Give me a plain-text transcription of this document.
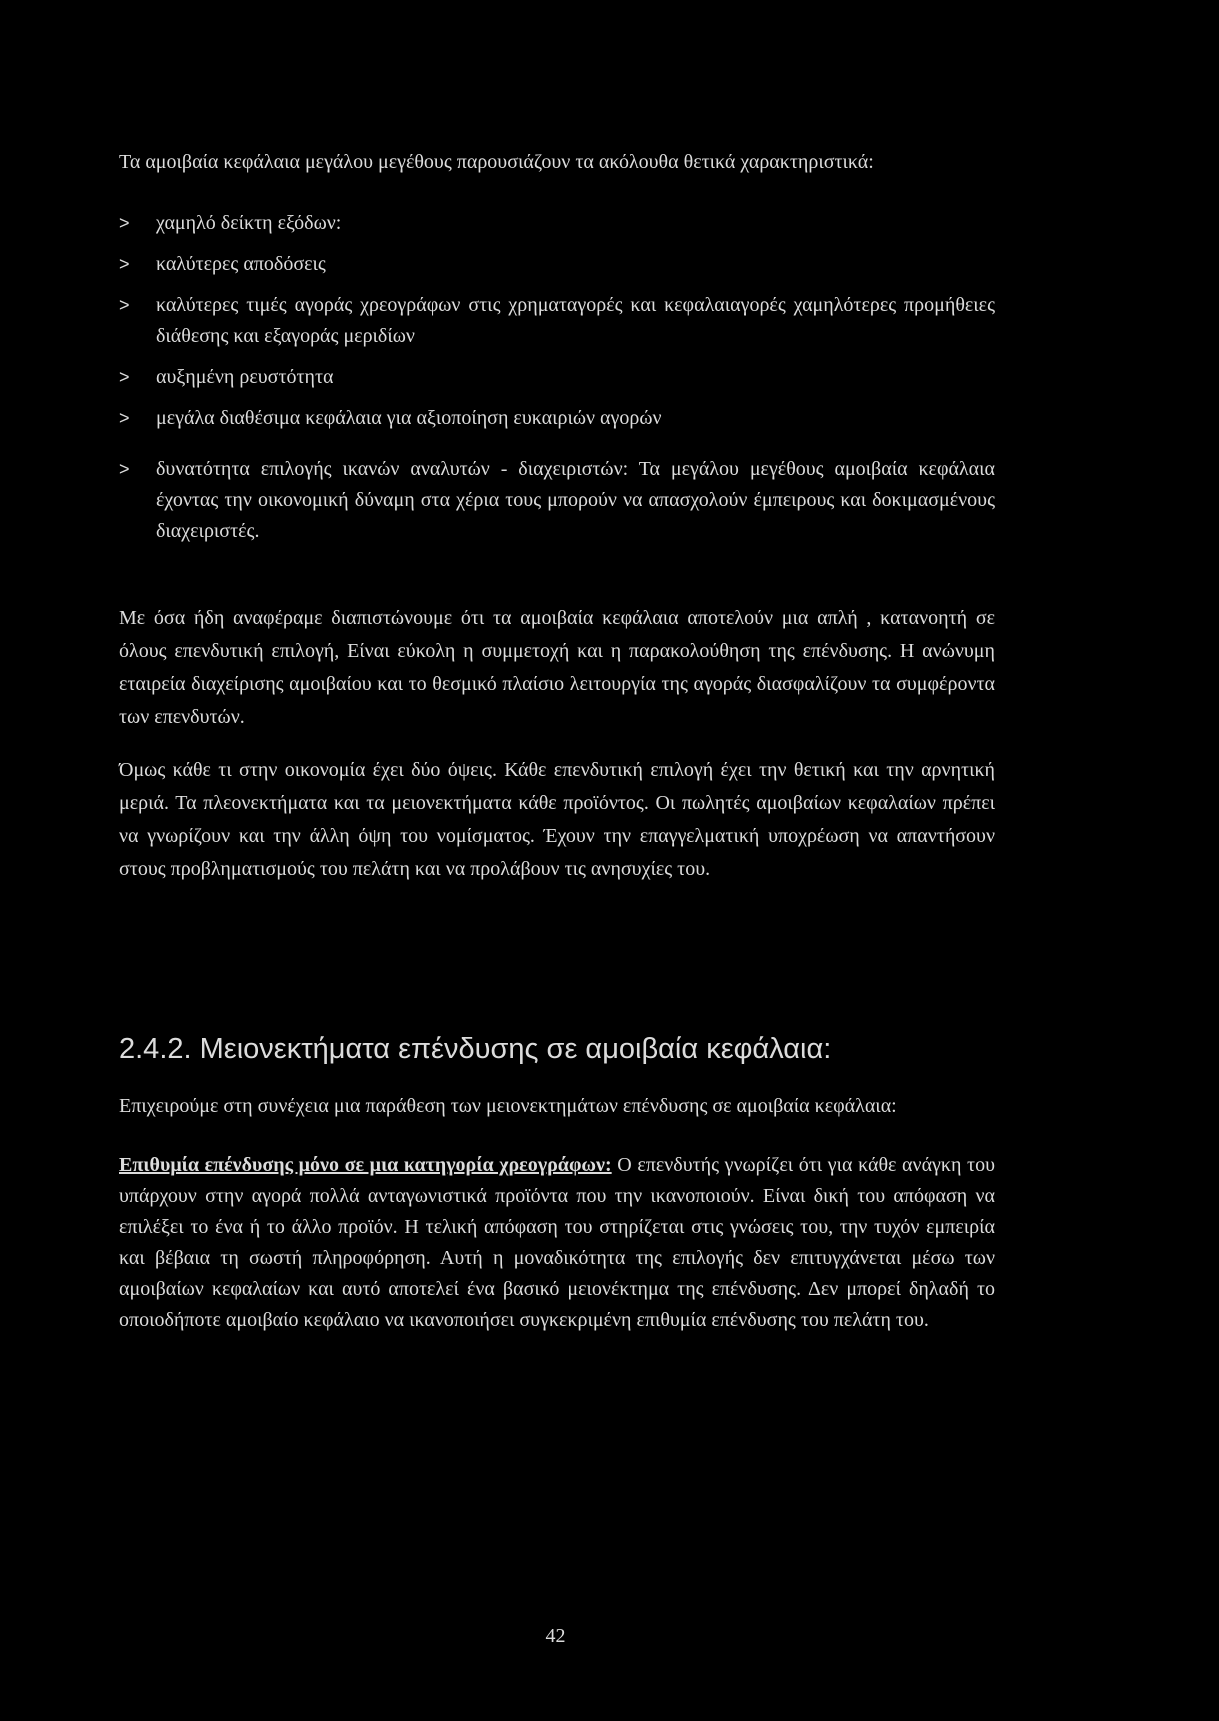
Τα αμοιβαία κεφάλαια μεγάλου μεγέθους παρουσιάζουν τα ακόλουθα θετικά χαρακτηριστικά:

> χαμηλό δείκτη εξόδων:
> καλύτερες αποδόσεις
> καλύτερες τιμές αγοράς χρεογράφων στις χρηματαγορές και κεφαλαιαγορές χαμηλότερες προμήθειες διάθεσης και εξαγοράς μεριδίων
> αυξημένη ρευστότητα
> μεγάλα διαθέσιμα κεφάλαια για αξιοποίηση ευκαιριών αγορών
> δυνατότητα επιλογής ικανών αναλυτών - διαχειριστών: Τα μεγάλου μεγέθους αμοιβαία κεφάλαια έχοντας την οικονομική δύναμη στα χέρια τους μπορούν να απασχολούν έμπειρους και δοκιμασμένους διαχειριστές.

Με όσα ήδη αναφέραμε διαπιστώνουμε ότι τα αμοιβαία κεφάλαια αποτελούν μια απλή , κατανοητή σε όλους επενδυτική επιλογή, Είναι εύκολη η συμμετοχή και η παρακολούθηση της επένδυσης. Η ανώνυμη εταιρεία διαχείρισης αμοιβαίου και το θεσμικό πλαίσιο λειτουργία της αγοράς διασφαλίζουν τα συμφέροντα των επενδυτών.

Όμως κάθε τι στην οικονομία έχει δύο όψεις. Κάθε επενδυτική επιλογή έχει την θετική και την αρνητική μεριά. Τα πλεονεκτήματα και τα μειονεκτήματα κάθε προϊόντος. Οι πωλητές αμοιβαίων κεφαλαίων πρέπει να γνωρίζουν και την άλλη όψη του νομίσματος. Έχουν την επαγγελματική υποχρέωση να απαντήσουν στους προβληματισμούς του πελάτη και να προλάβουν τις ανησυχίες του.

2.4.2. Μειονεκτήματα επένδυσης σε αμοιβαία κεφάλαια:

Επιχειρούμε στη συνέχεια μια παράθεση των μειονεκτημάτων επένδυσης σε αμοιβαία κεφάλαια:

Επιθυμία επένδυσης μόνο σε μια κατηγορία χρεογράφων: Ο επενδυτής γνωρίζει ότι για κάθε ανάγκη του υπάρχουν στην αγορά πολλά ανταγωνιστικά προϊόντα που την ικανοποιούν. Είναι δική του απόφαση να επιλέξει το ένα ή το άλλο προϊόν. Η τελική απόφαση του στηρίζεται στις γνώσεις του, την τυχόν εμπειρία και βέβαια τη σωστή πληροφόρηση. Αυτή η μοναδικότητα της επιλογής δεν επιτυγχάνεται μέσω των αμοιβαίων κεφαλαίων και αυτό αποτελεί ένα βασικό μειονέκτημα της επένδυσης. Δεν μπορεί δηλαδή το οποιοδήποτε αμοιβαίο κεφάλαιο να ικανοποιήσει συγκεκριμένη επιθυμία επένδυσης του πελάτη του.

42
